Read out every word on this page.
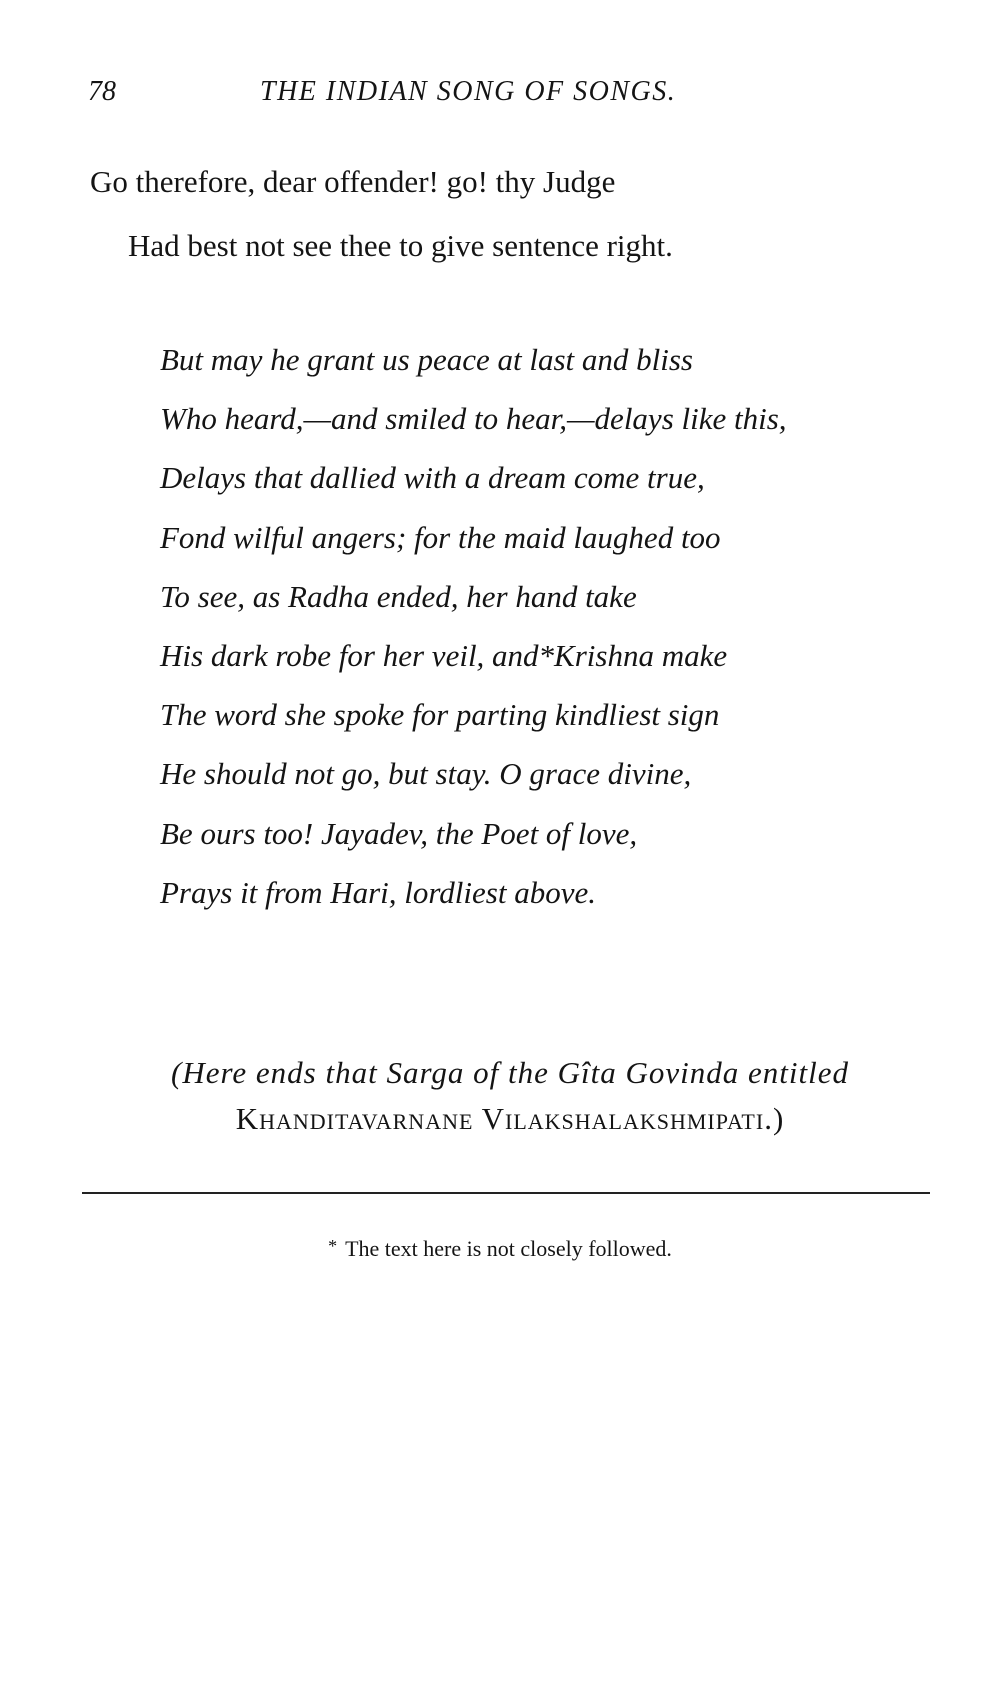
78	THE INDIAN SONG OF SONGS.
Go therefore, dear offender! go! thy Judge
Had best not see thee to give sentence right.
But may he grant us peace at last and bliss
Who heard,—and smiled to hear,—delays like this,
Delays that dallied with a dream come true,
Fond wilful angers; for the maid laughed too
To see, as Radha ended, her hand take
His dark robe for her veil, and*Krishna make
The word she spoke for parting kindliest sign
He should not go, but stay. O grace divine,
Be ours too! Jayadev, the Poet of love,
Prays it from Hari, lordliest above.
(Here ends that Sarga of the Gîta Govinda entitled
Khanditavarnane Vilakshalakshmipati.)
* The text here is not closely followed.
